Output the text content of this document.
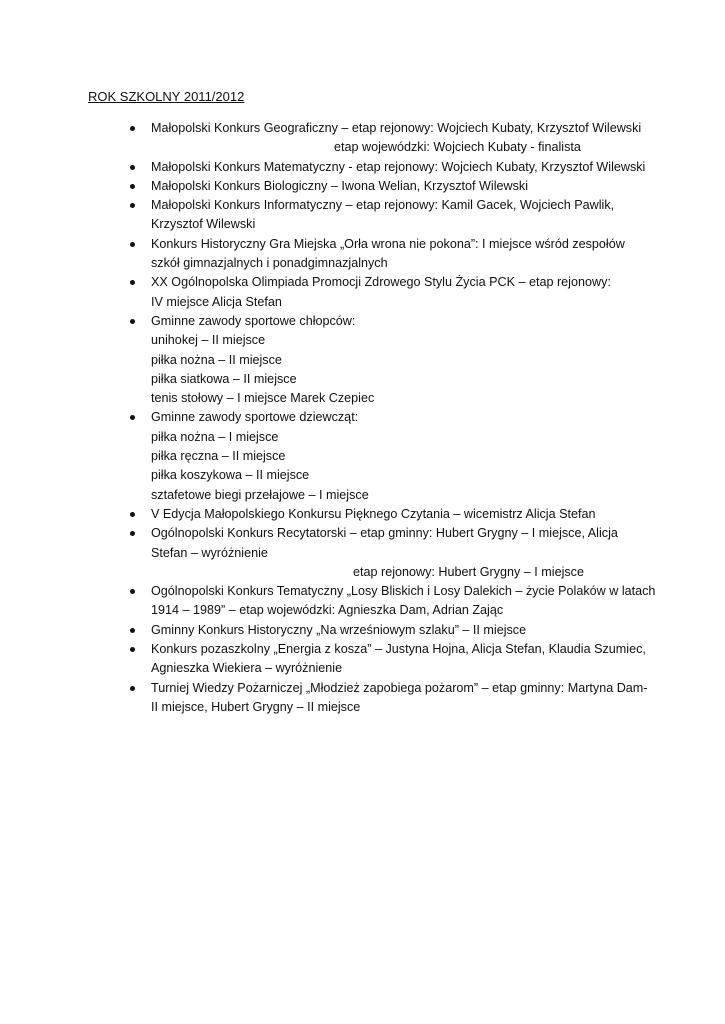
ROK SZKOLNY 2011/2012
Małopolski Konkurs Geograficzny – etap rejonowy: Wojciech Kubaty, Krzysztof Wilewski
etap wojewódzki: Wojciech Kubaty - finalista
Małopolski Konkurs Matematyczny - etap rejonowy: Wojciech Kubaty, Krzysztof Wilewski
Małopolski Konkurs Biologiczny – Iwona Welian, Krzysztof Wilewski
Małopolski Konkurs Informatyczny – etap rejonowy: Kamil Gacek, Wojciech Pawlik,
Krzysztof Wilewski
Konkurs Historyczny Gra Miejska „Orła wrona nie pokona”: I miejsce wśród zespołów
szkół gimnazjalnych i ponadgimnazjalnych
XX Ogólnopolska Olimpiada Promocji Zdrowego Stylu Życia PCK – etap rejonowy:
IV miejsce Alicja Stefan
Gminne zawody sportowe chłopców:
unihokej – II miejsce
piłka nożna – II miejsce
piłka siatkowa – II miejsce
tenis stołowy – I miejsce Marek Czepiec
Gminne zawody sportowe dziewcząt:
piłka nożna – I miejsce
piłka ręczna – II miejsce
piłka koszykowa – II miejsce
sztafetowe biegi przełajowe – I miejsce
V Edycja Małopolskiego Konkursu Pięknego Czytania – wicemistrz Alicja Stefan
Ogólnopolski Konkurs Recytatorski – etap gminny: Hubert Grygny – I miejsce, Alicja
Stefan – wyróżnienie
etap rejonowy: Hubert Grygny – I miejsce
Ogólnopolski Konkurs Tematyczny „Losy Bliskich i Losy Dalekich – życie Polaków w latach
1914 – 1989” – etap wojewódzki: Agnieszka Dam, Adrian Zając
Gminny Konkurs Historyczny „Na wrześniowym szlaku” – II miejsce
Konkurs pozaszkolny „Energia z kosza” – Justyna Hojna, Alicja Stefan, Klaudia Szumiec,
Agnieszka Wiekiera – wyróżnienie
Turniej Wiedzy Pożarniczej „Młodzież zapobiega pożarom” – etap gminny: Martyna Dam-
II miejsce, Hubert Grygny – II miejsce
